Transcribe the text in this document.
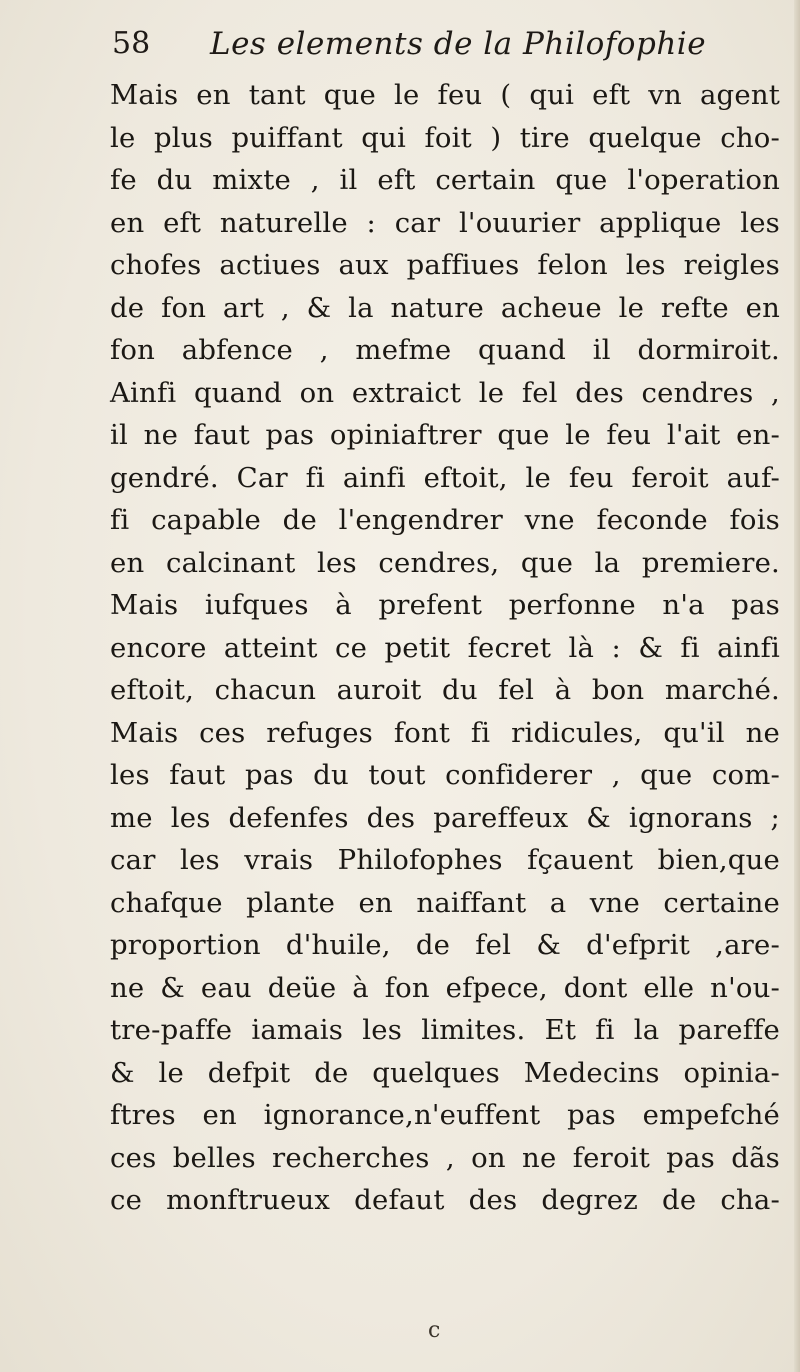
58 Les elements de la Philofophie
Mais en tant que le feu ( qui eft vn agent
le plus puiffant qui foit ) tire quelque cho-
fe du mixte , il eft certain que l'operation
en eft naturelle : car l'ouurier applique les
chofes actiues aux paffiues felon les reigles
de fon art , & la nature acheue le refte en
fon abfence , mefme quand il dormiroit.
Ainfi quand on extraict le fel des cendres ,
il ne faut pas opiniaftrer que le feu l'ait en-
gendré. Car fi ainfi eftoit, le feu feroit auf-
fi capable de l'engendrer vne feconde fois
en calcinant les cendres, que la premiere.
Mais iufques à prefent perfonne n'a pas
encore atteint ce petit fecret là : & fi ainfi
eftoit, chacun auroit du fel à bon marché.
Mais ces refuges font fi ridicules, qu'il ne
les faut pas du tout confiderer , que com-
me les defenfes des pareffeux & ignorans ;
car les vrais Philofophes fçauent bien,que
chafque plante en naiffant a vne certaine
proportion d'huile, de fel & d'efprit ,are-
ne & eau deüe à fon efpece, dont elle n'ou-
tre-paffe iamais les limites. Et fi la pareffe
& le defpit de quelques Medecins opinia-
ftres en ignorance,n'euffent pas empefché
ces belles recherches , on ne feroit pas dãs
ce monftrueux defaut des degrez de cha-
c
